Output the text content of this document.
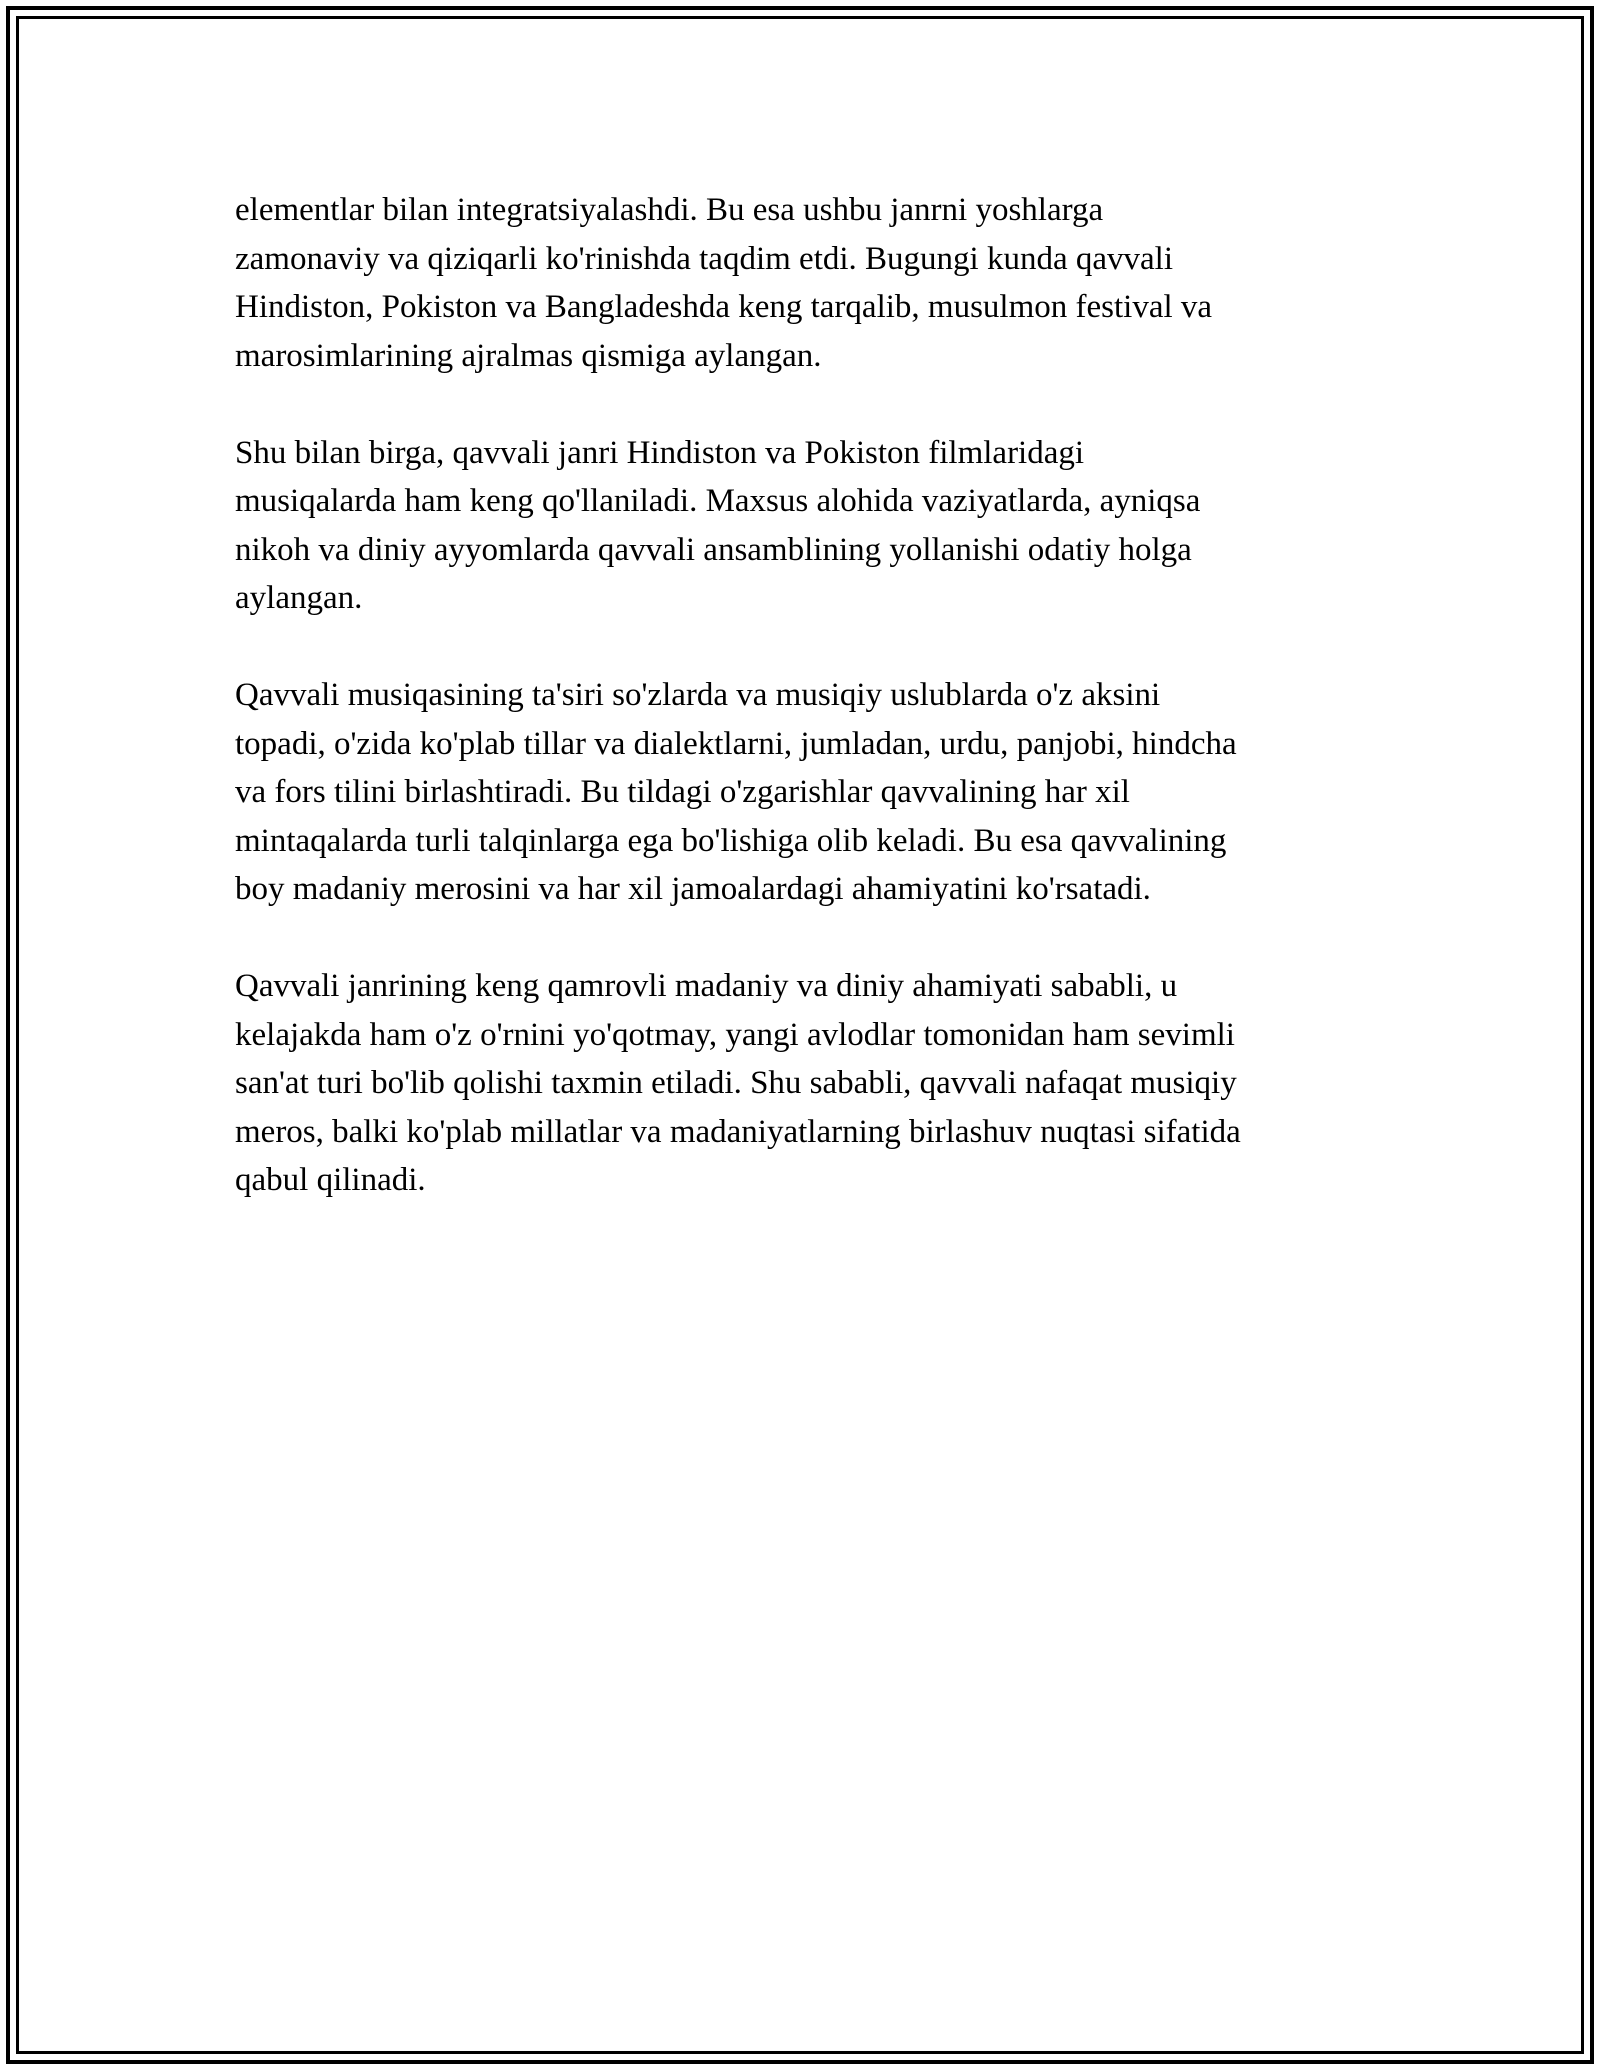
elementlar bilan integratsiyalashdi. Bu esa ushbu janrni yoshlarga
zamonaviy va qiziqarli ko'rinishda taqdim etdi. Bugungi kunda qavvali
Hindiston, Pokiston va Bangladeshda keng tarqalib, musulmon festival va
marosimlarining ajralmas qismiga aylangan.

Shu bilan birga, qavvali janri Hindiston va Pokiston filmlaridagi
musiqalarda ham keng qo'llaniladi. Maxsus alohida vaziyatlarda, ayniqsa
nikoh va diniy ayyomlarda qavvali ansamblining yollanishi odatiy holga
aylangan.

Qavvali musiqasining ta'siri so'zlarda va musiqiy uslublarda o'z aksini
topadi, o'zida ko'plab tillar va dialektlarni, jumladan, urdu, panjobi, hindcha
va fors tilini birlashtiradi. Bu tildagi o'zgarishlar qavvalining har xil
mintaqalarda turli talqinlarga ega bo'lishiga olib keladi. Bu esa qavvalining
boy madaniy merosini va har xil jamoalardagi ahamiyatini ko'rsatadi.

Qavvali janrining keng qamrovli madaniy va diniy ahamiyati sababli, u
kelajakda ham o'z o'rnini yo'qotmay, yangi avlodlar tomonidan ham sevimli
san'at turi bo'lib qolishi taxmin etiladi. Shu sababli, qavvali nafaqat musiqiy
meros, balki ko'plab millatlar va madaniyatlarning birlashuv nuqtasi sifatida
qabul qilinadi.
